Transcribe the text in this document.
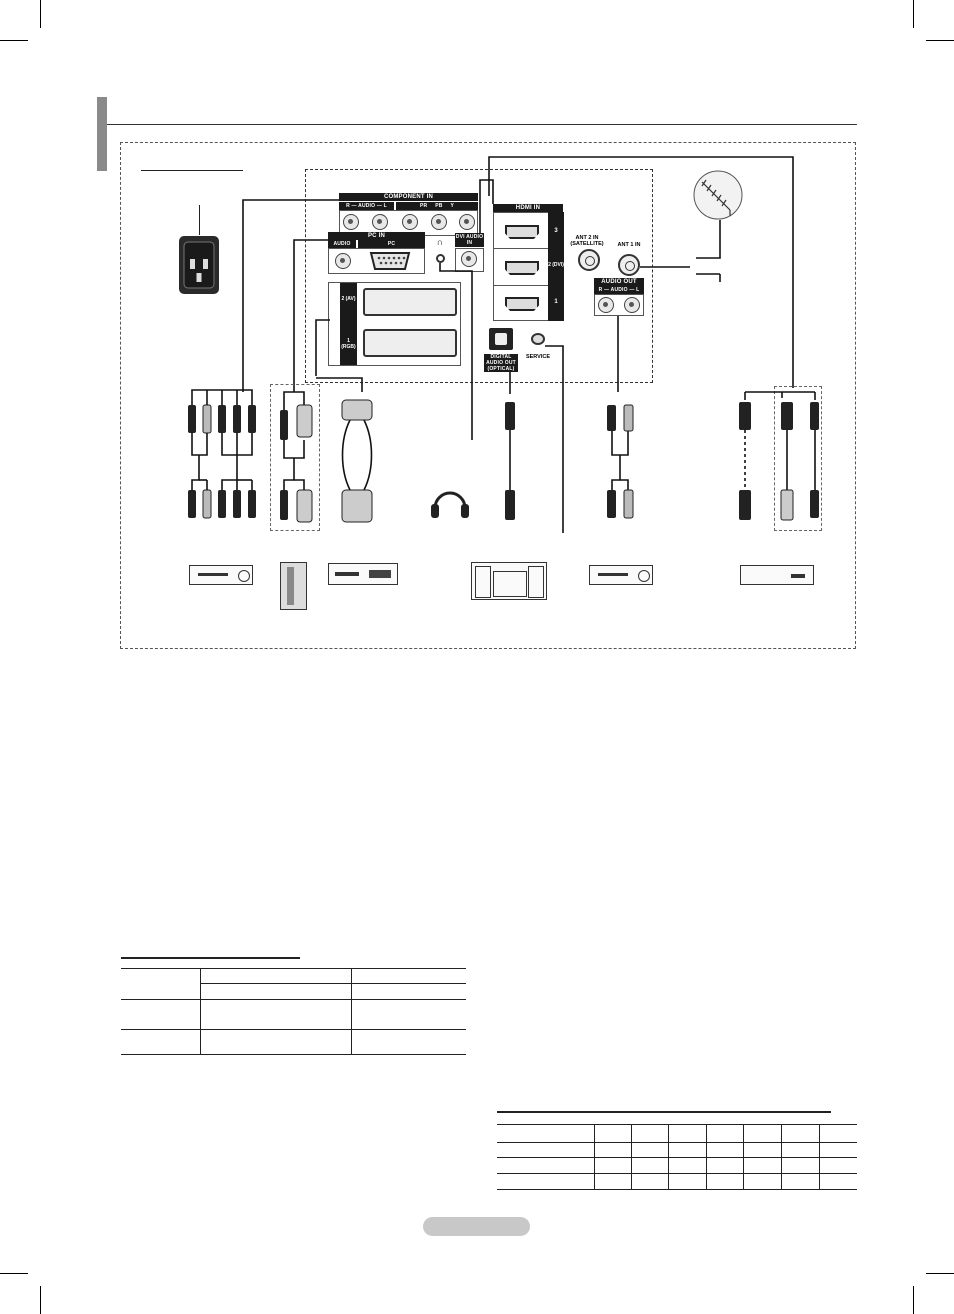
COMPONENT IN
R — AUDIO — L	PR PB Y
PC IN
AUDIO	PC	∩	DVI AUDIO IN
HDMI IN
3
2 (DVI)
1
ANT 2 IN (SATELLITE)	ANT 1 IN
AUDIO OUT
R — AUDIO — L
2 (AV)
1 (RGB)
DIGITAL AUDIO OUT (OPTICAL)
SERVICE
